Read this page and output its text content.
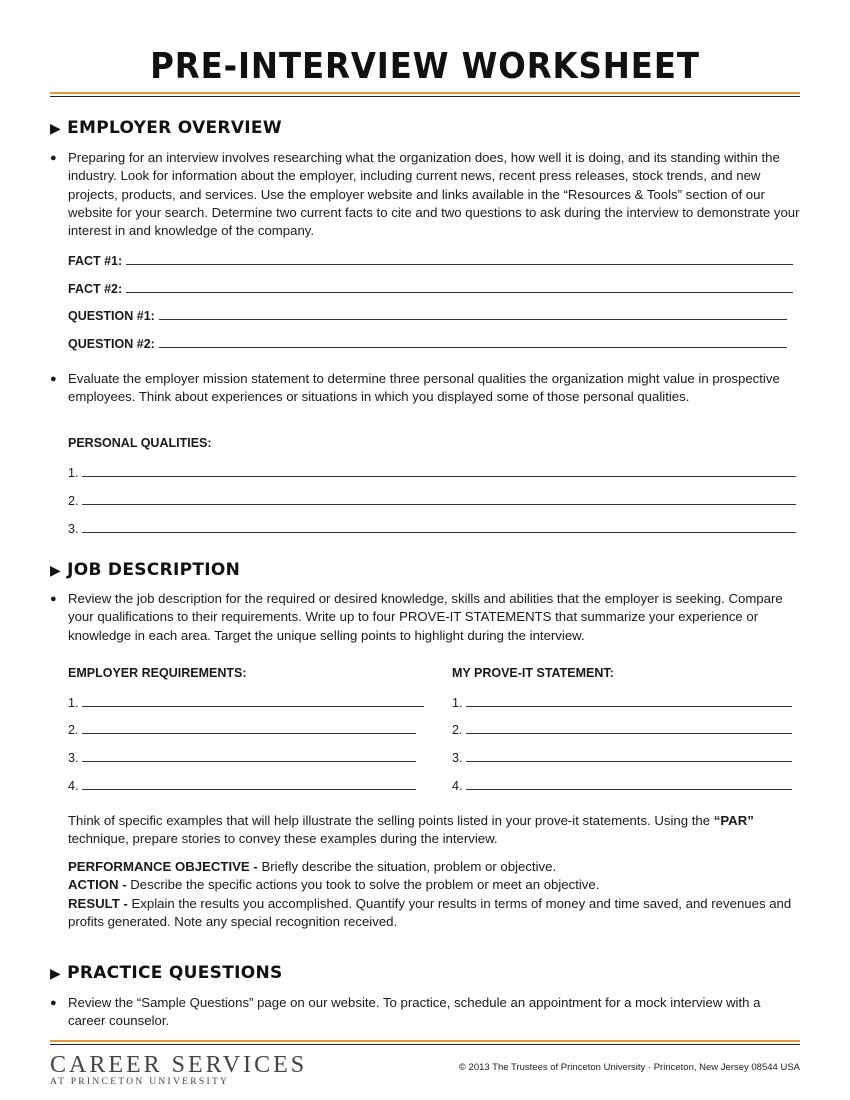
PRE-INTERVIEW WORKSHEET
▶ EMPLOYER OVERVIEW
● Preparing for an interview involves researching what the organization does, how well it is doing, and its standing within the industry. Look for information about the employer, including current news, recent press releases, stock trends, and new projects, products, and services. Use the employer website and links available in the “Resources & Tools” section of our website for your search. Determine two current facts to cite and two questions to ask during the interview to demonstrate your interest in and knowledge of the company.
FACT #1:
FACT #2:
QUESTION #1:
QUESTION #2:
● Evaluate the employer mission statement to determine three personal qualities the organization might value in prospective employees. Think about experiences or situations in which you displayed some of those personal qualities.
PERSONAL QUALITIES:
1.
2.
3.
▶ JOB DESCRIPTION
● Review the job description for the required or desired knowledge, skills and abilities that the employer is seeking. Compare your qualifications to their requirements. Write up to four PROVE-IT STATEMENTS that summarize your experience or knowledge in each area. Target the unique selling points to highlight during the interview.
EMPLOYER REQUIREMENTS:	MY PROVE-IT STATEMENT:
1.
2.
3.
4.
1.
2.
3.
4.
Think of specific examples that will help illustrate the selling points listed in your prove-it statements. Using the “PAR” technique, prepare stories to convey these examples during the interview.
PERFORMANCE OBJECTIVE - Briefly describe the situation, problem or objective.
ACTION - Describe the specific actions you took to solve the problem or meet an objective.
RESULT - Explain the results you accomplished. Quantify your results in terms of money and time saved, and revenues and profits generated. Note any special recognition received.
▶ PRACTICE QUESTIONS
● Review the “Sample Questions” page on our website. To practice, schedule an appointment for a mock interview with a career counselor.
CAREER SERVICES
AT PRINCETON UNIVERSITY
© 2013 The Trustees of Princeton University · Princeton, New Jersey 08544 USA
